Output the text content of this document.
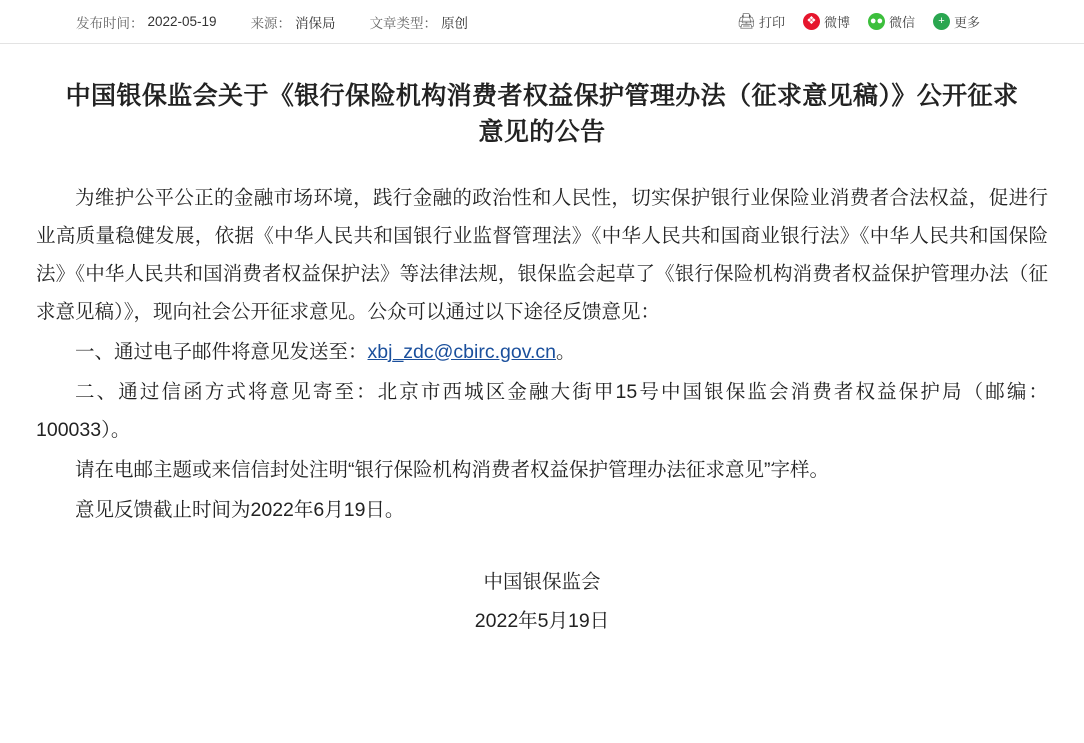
发布时间： 2022-05-19	来源： 消保局	文章类型： 原创	🖨 打印	❖ 微博 ●● 微信	+ 更多
中国银保监会关于《银行保险机构消费者权益保护管理办法（征求意见稿）》公开征求意见的公告

为维护公平公正的金融市场环境，践行金融的政治性和人民性，切实保护银行业保险业消费者合法权益，促进行业高质量稳健发展，依据《中华人民共和国银行业监督管理法》《中华人民共和国商业银行法》《中华人民共和国保险法》《中华人民共和国消费者权益保护法》等法律法规，银保监会起草了《银行保险机构消费者权益保护管理办法（征求意见稿）》，现向社会公开征求意见。公众可以通过以下途径反馈意见：

一、通过电子邮件将意见发送至：xbj_zdc@cbirc.gov.cn。

二、通过信函方式将意见寄至：北京市西城区金融大街甲15号中国银保监会消费者权益保护局（邮编：100033）。

请在电邮主题或来信信封处注明“银行保险机构消费者权益保护管理办法征求意见”字样。

意见反馈截止时间为2022年6月19日。

中国银保监会
2022年5月19日
